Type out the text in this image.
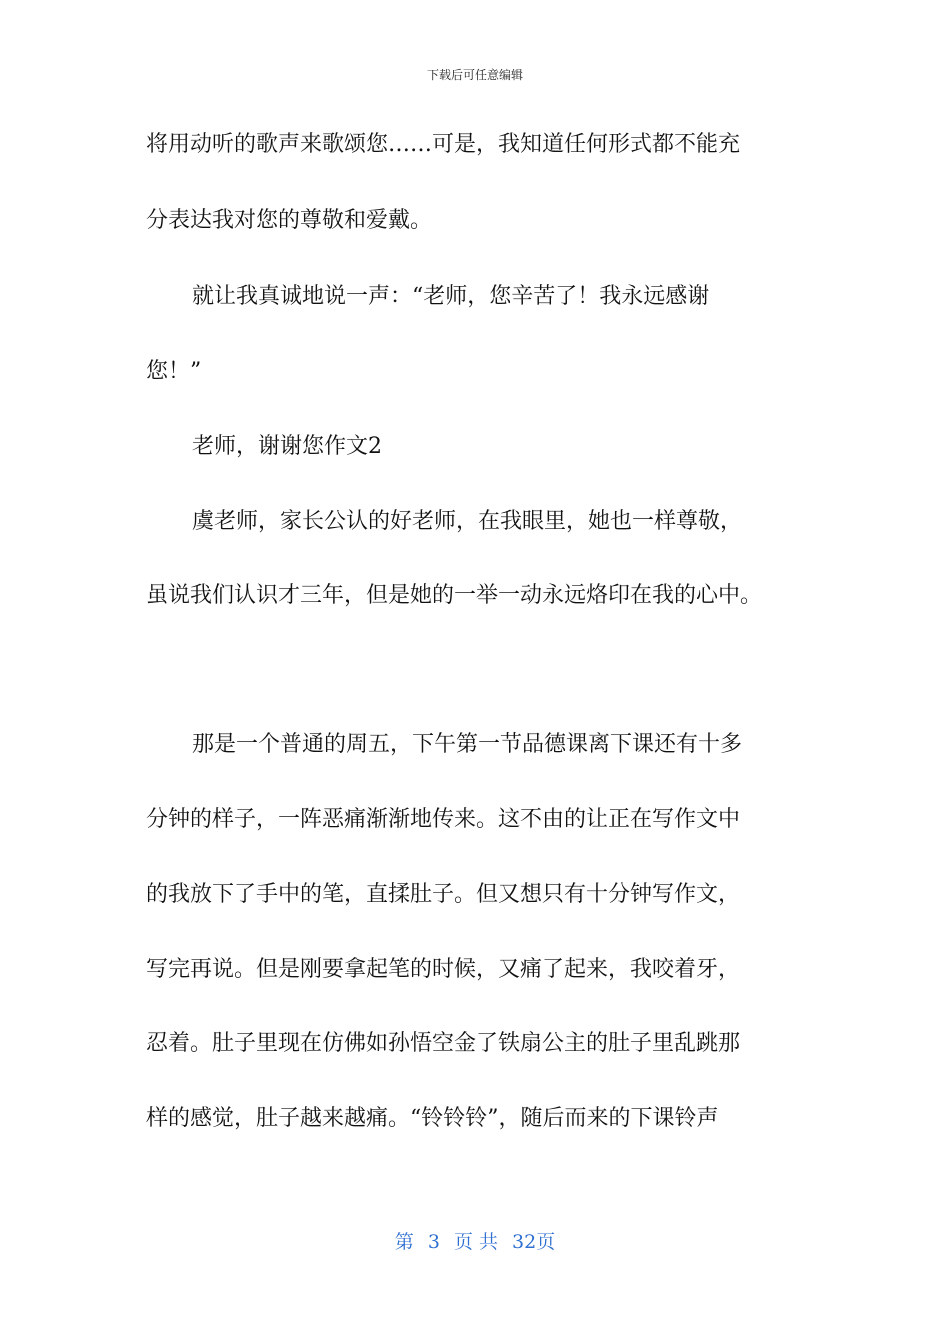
下载后可任意编辑
将用动听的歌声来歌颂您……可是，我知道任何形式都不能充
分表达我对您的尊敬和爱戴。
就让我真诚地说一声：“老师，您辛苦了！我永远感谢
您！”
老师，谢谢您作文2
虞老师，家长公认的好老师，在我眼里，她也一样尊敬，
虽说我们认识才三年，但是她的一举一动永远烙印在我的心中。
那是一个普通的周五，下午第一节品德课离下课还有十多
分钟的样子，一阵恶痛渐渐地传来。这不由的让正在写作文中
的我放下了手中的笔，直揉肚子。但又想只有十分钟写作文，
写完再说。但是刚要拿起笔的时候，又痛了起来，我咬着牙，
忍着。肚子里现在仿佛如孙悟空金了铁扇公主的肚子里乱跳那
样的感觉，肚子越来越痛。“铃铃铃”，随后而来的下课铃声
第 3 页 共 32页
